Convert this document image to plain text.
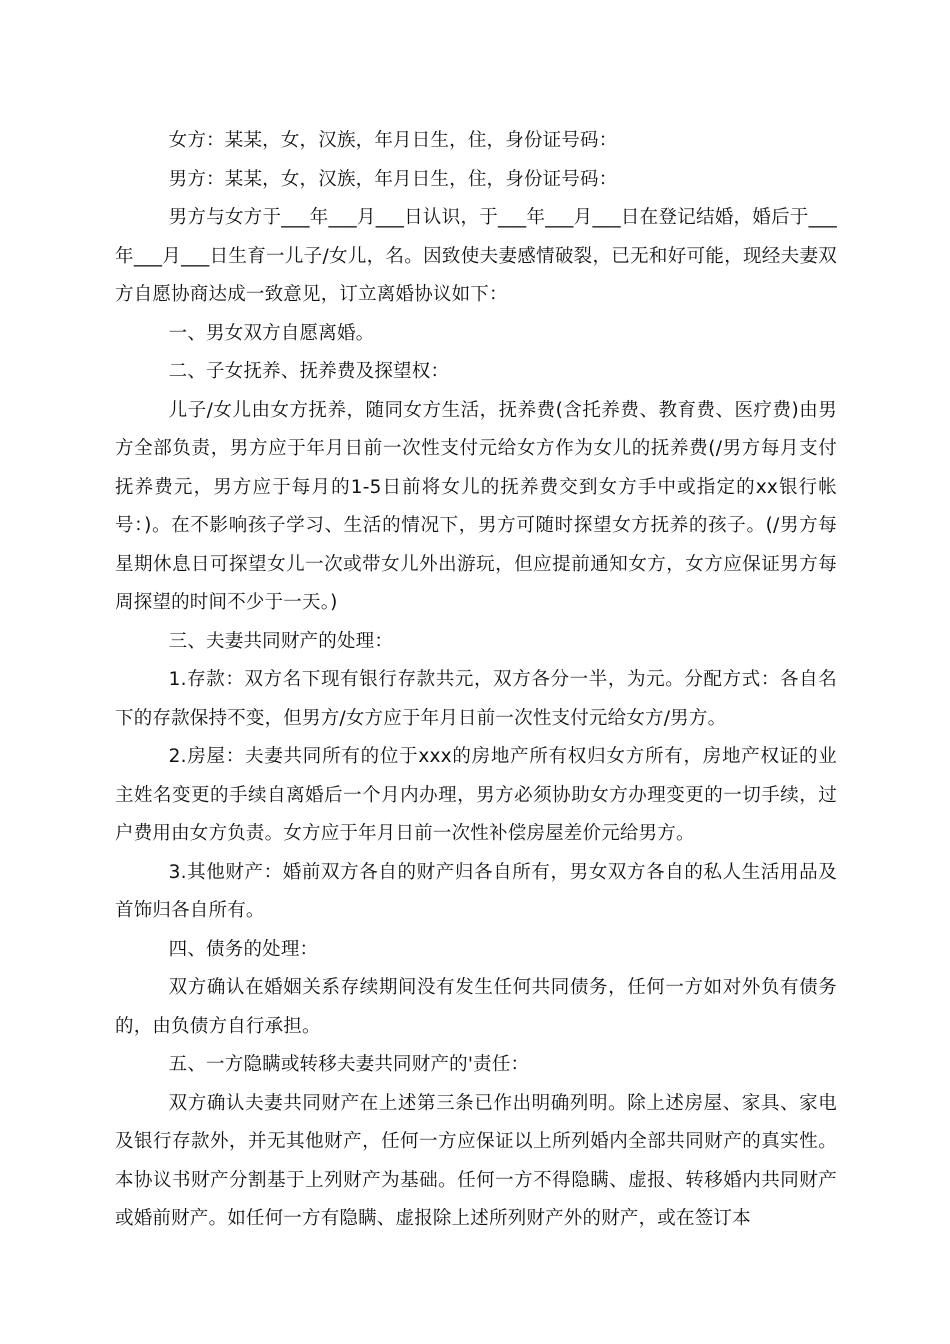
女方：某某，女，汉族，年月日生，住，身份证号码：

男方：某某，女，汉族，年月日生，住，身份证号码：

男方与女方于___年___月___日认识，于___年___月___日在登记结婚，婚后于___年___月___日生育一儿子/女儿，名。因致使夫妻感情破裂，已无和好可能，现经夫妻双方自愿协商达成一致意见，订立离婚协议如下：

一、男女双方自愿离婚。

二、子女抚养、抚养费及探望权：

儿子/女儿由女方抚养，随同女方生活，抚养费(含托养费、教育费、医疗费)由男方全部负责，男方应于年月日前一次性支付元给女方作为女儿的抚养费(/男方每月支付抚养费元，男方应于每月的1-5日前将女儿的抚养费交到女方手中或指定的xx银行帐号：)。在不影响孩子学习、生活的情况下，男方可随时探望女方抚养的孩子。(/男方每星期休息日可探望女儿一次或带女儿外出游玩，但应提前通知女方，女方应保证男方每周探望的时间不少于一天。)

三、夫妻共同财产的处理：

1.存款：双方名下现有银行存款共元，双方各分一半，为元。分配方式：各自名下的存款保持不变，但男方/女方应于年月日前一次性支付元给女方/男方。

2.房屋：夫妻共同所有的位于xxx的房地产所有权归女方所有，房地产权证的业主姓名变更的手续自离婚后一个月内办理，男方必须协助女方办理变更的一切手续，过户费用由女方负责。女方应于年月日前一次性补偿房屋差价元给男方。

3.其他财产：婚前双方各自的财产归各自所有，男女双方各自的私人生活用品及首饰归各自所有。

四、债务的处理：

双方确认在婚姻关系存续期间没有发生任何共同债务，任何一方如对外负有债务的，由负债方自行承担。

五、一方隐瞒或转移夫妻共同财产的'责任：

双方确认夫妻共同财产在上述第三条已作出明确列明。除上述房屋、家具、家电及银行存款外，并无其他财产，任何一方应保证以上所列婚内全部共同财产的真实性。本协议书财产分割基于上列财产为基础。任何一方不得隐瞒、虚报、转移婚内共同财产或婚前财产。如任何一方有隐瞒、虚报除上述所列财产外的财产，或在签订本
